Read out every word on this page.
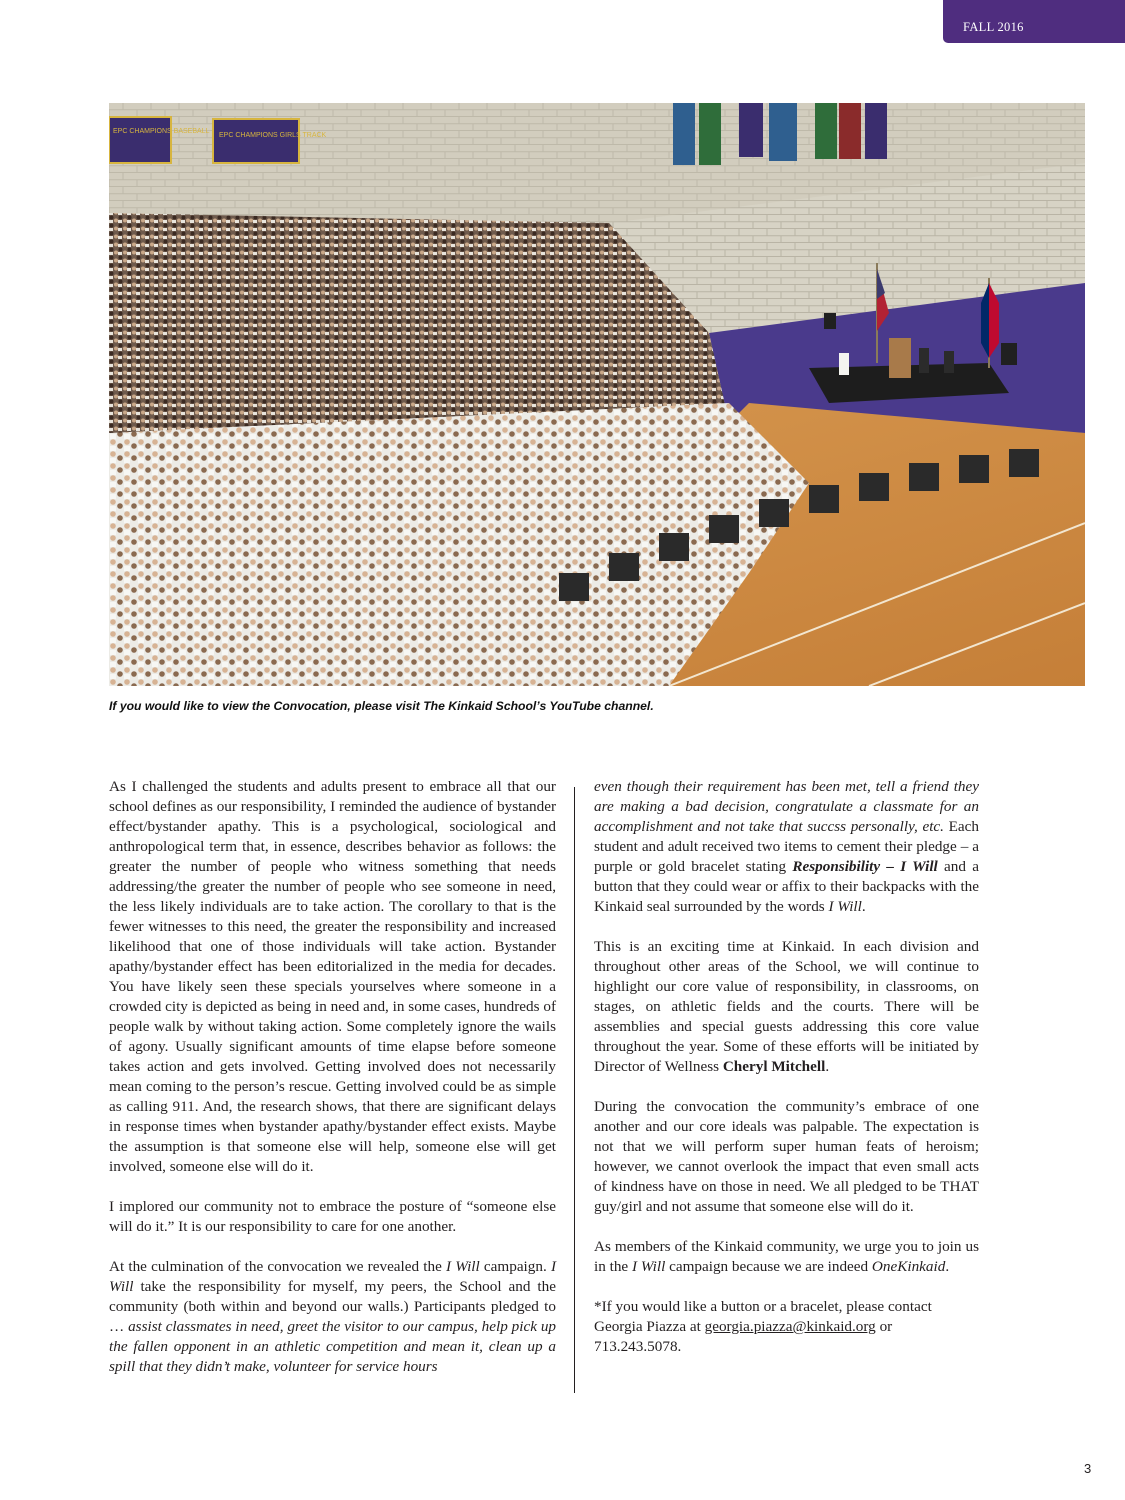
FALL 2016
EPC CHAMPIONS BASEBALL
EPC CHAMPIONS GIRLS TRACK
If you would like to view the Convocation, please visit The Kinkaid School’s YouTube channel.

As I challenged the students and adults present to embrace all that our school defines as our responsibility, I reminded the audience of bystander effect/bystander apathy. This is a psychological, sociological and anthropological term that, in essence, describes behavior as follows: the greater the number of people who witness something that needs addressing/the greater the number of people who see someone in need, the less likely individuals are to take action. The corollary to that is the fewer witnesses to this need, the greater the responsibility and increased likelihood that one of those individuals will take action. Bystander apathy/bystander effect has been editorialized in the media for decades. You have likely seen these specials yourselves where someone in a crowded city is depicted as being in need and, in some cases, hundreds of people walk by without taking action. Some completely ignore the wails of agony. Usually significant amounts of time elapse before someone takes action and gets involved. Getting involved does not necessarily mean coming to the person’s rescue. Getting involved could be as simple as calling 911. And, the research shows, that there are significant delays in response times when bystander apathy/bystander effect exists. Maybe the assumption is that someone else will help, someone else will get involved, someone else will do it.

I implored our community not to embrace the posture of “someone else will do it.” It is our responsibility to care for one another.

At the culmination of the convocation we revealed the I Will campaign. I Will take the responsibility for myself, my peers, the School and the community (both within and beyond our walls.) Participants pledged to … assist classmates in need, greet the visitor to our campus, help pick up the fallen opponent in an athletic competition and mean it, clean up a spill that they didn’t make, volunteer for service hours

even though their requirement has been met, tell a friend they are making a bad decision, congratulate a classmate for an accomplishment and not take that succss personally, etc. Each student and adult received two items to cement their pledge – a purple or gold bracelet stating Responsibility – I Will and a button that they could wear or affix to their backpacks with the Kinkaid seal surrounded by the words I Will.

This is an exciting time at Kinkaid. In each division and throughout other areas of the School, we will continue to highlight our core value of responsibility, in classrooms, on stages, on athletic fields and the courts. There will be assemblies and special guests addressing this core value throughout the year. Some of these efforts will be initiated by Director of Wellness Cheryl Mitchell.

During the convocation the community’s embrace of one another and our core ideals was palpable. The expectation is not that we will perform super human feats of heroism; however, we cannot overlook the impact that even small acts of kindness have on those in need. We all pledged to be THAT guy/girl and not assume that someone else will do it.

As members of the Kinkaid community, we urge you to join us in the I Will campaign because we are indeed OneKinkaid.

*If you would like a button or a bracelet, please contact Georgia Piazza at georgia.piazza@kinkaid.org or
713.243.5078.

3
